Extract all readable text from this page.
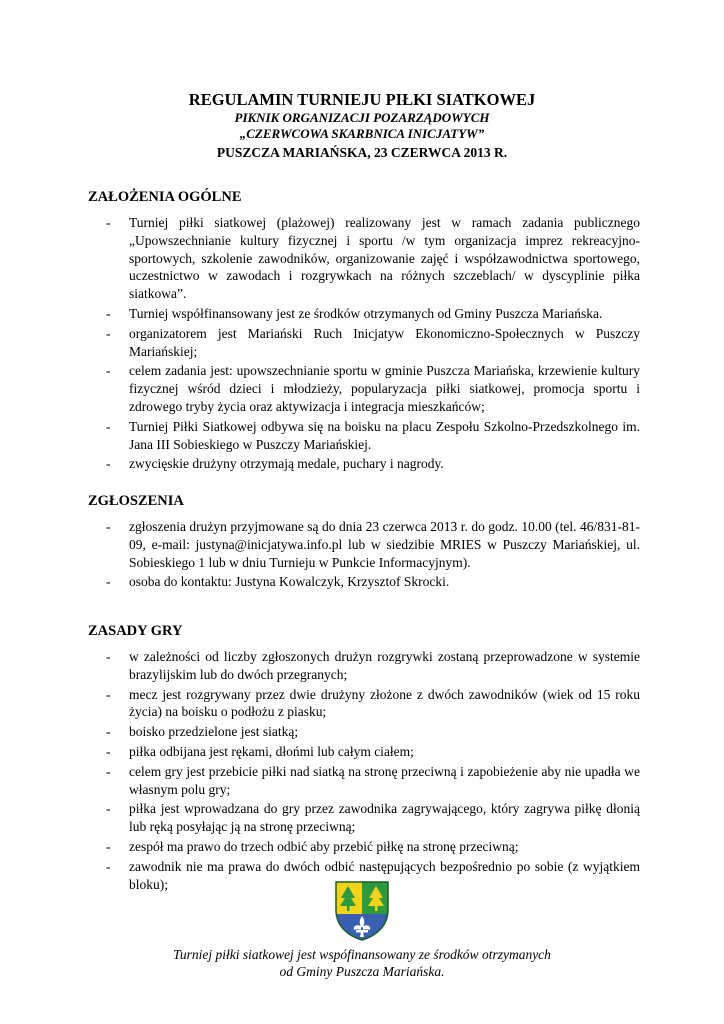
REGULAMIN TURNIEJU PIŁKI SIATKOWEJ
PIKNIK ORGANIZACJI POZARZĄDOWYCH
„CZERWCOWA SKARBNICA INICJATYW”
PUSZCZA MARIAŃSKA, 23 CZERWCA 2013 R.
ZAŁOŻENIA OGÓLNE
- Turniej piłki siatkowej (plażowej) realizowany jest w ramach zadania publicznego „Upowszechnianie kultury fizycznej i sportu /w tym organizacja imprez rekreacyjno-sportowych, szkolenie zawodników, organizowanie zajęć i współzawodnictwa sportowego, uczestnictwo w zawodach i rozgrywkach na różnych szczeblach/ w dyscyplinie piłka siatkowa”.
- Turniej współfinansowany jest ze środków otrzymanych od Gminy Puszcza Mariańska.
- organizatorem jest Mariański Ruch Inicjatyw Ekonomiczno-Społecznych w Puszczy Mariańskiej;
- celem zadania jest: upowszechnianie sportu w gminie Puszcza Mariańska, krzewienie kultury fizycznej wśród dzieci i młodzieży, popularyzacja piłki siatkowej, promocja sportu i zdrowego tryby życia oraz aktywizacja i integracja mieszkańców;
- Turniej Piłki Siatkowej odbywa się na boisku na placu Zespołu Szkolno-Przedszkolnego im. Jana III Sobieskiego w Puszczy Mariańskiej.
- zwycięskie drużyny otrzymają medale, puchary i nagrody.
ZGŁOSZENIA
- zgłoszenia drużyn przyjmowane są do dnia 23 czerwca 2013 r. do godz. 10.00 (tel. 46/831-81-09, e-mail: justyna@inicjatywa.info.pl lub w siedzibie MRIES w Puszczy Mariańskiej, ul. Sobieskiego 1 lub w dniu Turnieju w Punkcie Informacyjnym).
- osoba do kontaktu: Justyna Kowalczyk, Krzysztof Skrocki.
ZASADY GRY
- w zależności od liczby zgłoszonych drużyn rozgrywki zostaną przeprowadzone w systemie brazylijskim lub do dwóch przegranych;
- mecz jest rozgrywany przez dwie drużyny złożone z dwóch zawodników (wiek od 15 roku życia) na boisku o podłożu z piasku;
- boisko przedzielone jest siatką;
- piłka odbijana jest rękami, dłońmi lub całym ciałem;
- celem gry jest przebicie piłki nad siatką na stronę przeciwną i zapobieżenie aby nie upadła we własnym polu gry;
- piłka jest wprowadzana do gry przez zawodnika zagrywającego, który zagrywa piłkę dłonią lub ręką posyłając ją na stronę przeciwną;
- zespół ma prawo do trzech odbić aby przebić piłkę na stronę przeciwną;
- zawodnik nie ma prawa do dwóch odbić następujących bezpośrednio po sobie (z wyjątkiem bloku);
Turniej piłki siatkowej jest wspófinansowany ze środków otrzymanych
od Gminy Puszcza Mariańska.
